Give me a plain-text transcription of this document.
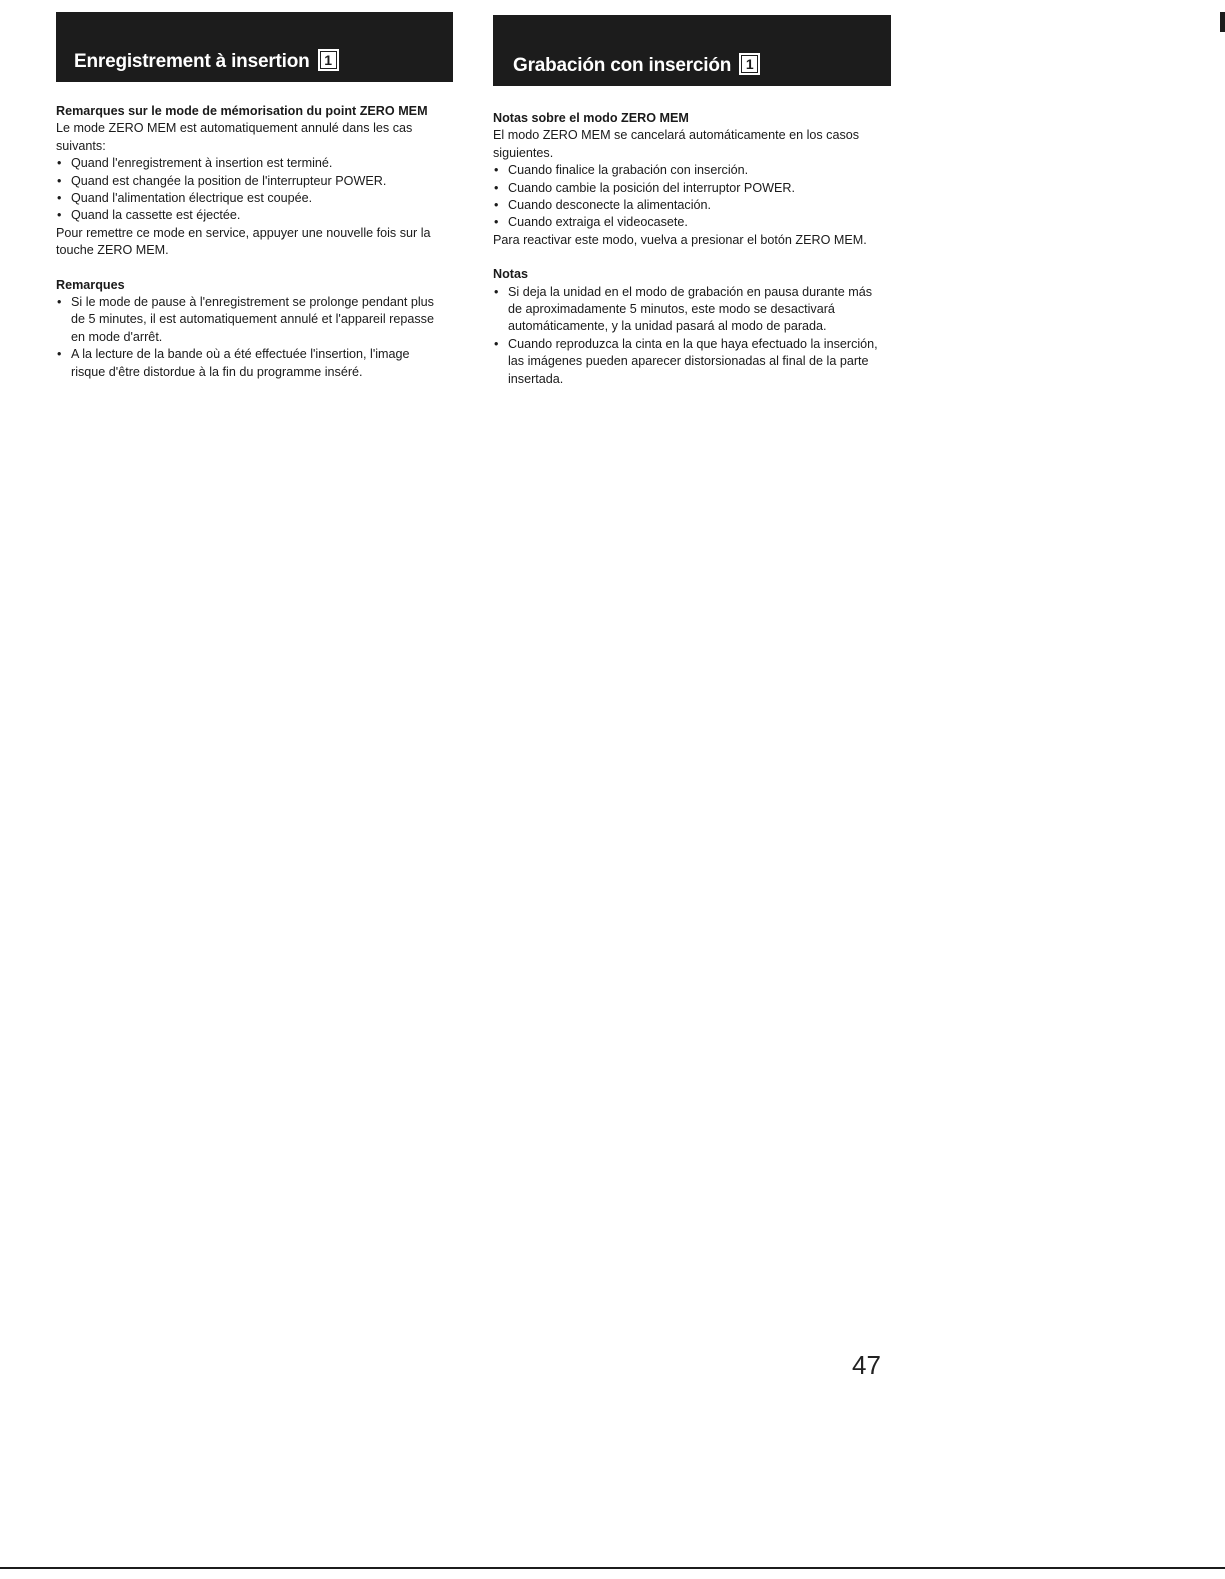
Enregistrement à insertion 1

Remarques sur le mode de mémorisation du point ZERO MEM

Le mode ZERO MEM est automatiquement annulé dans les cas suivants:

• Quand l'enregistrement à insertion est terminé.
• Quand est changée la position de l'interrupteur POWER.
• Quand l'alimentation électrique est coupée.
• Quand la cassette est éjectée.

Pour remettre ce mode en service, appuyer une nouvelle fois sur la touche ZERO MEM.

Remarques

• Si le mode de pause à l'enregistrement se prolonge pendant plus de 5 minutes, il est automatiquement annulé et l'appareil repasse en mode d'arrêt.
• A la lecture de la bande où a été effectuée l'insertion, l'image risque d'être distordue à la fin du programme inséré.
Grabación con inserción 1

Notas sobre el modo ZERO MEM

El modo ZERO MEM se cancelará automáticamente en los casos siguientes.

• Cuando finalice la grabación con inserción.
• Cuando cambie la posición del interruptor POWER.
• Cuando desconecte la alimentación.
• Cuando extraiga el videocasete.

Para reactivar este modo, vuelva a presionar el botón ZERO MEM.

Notas

• Si deja la unidad en el modo de grabación en pausa durante más de aproximadamente 5 minutos, este modo se desactivará automáticamente, y la unidad pasará al modo de parada.
• Cuando reproduzca la cinta en la que haya efectuado la inserción, las imágenes pueden aparecer distorsionadas al final de la parte insertada.
47
